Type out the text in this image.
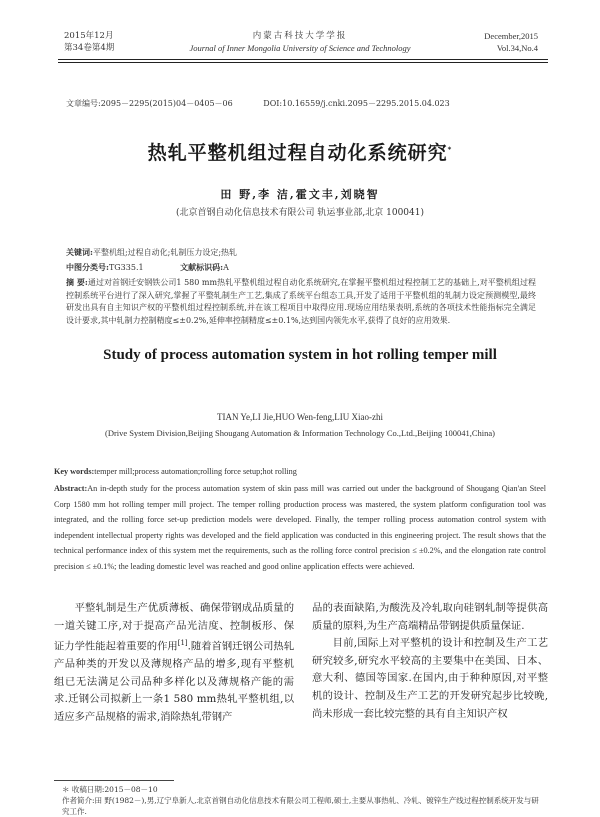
2015年12月
第34卷第4期
内蒙古科技大学学报
Journal of Inner Mongolia University of Science and Technology
December,2015
Vol.34,No.4
文章编号:2095－2295(2015)04－0405－06	DOI:10.16559/j.cnki.2095－2295.2015.04.023
热轧平整机组过程自动化系统研究*
田 野,李 洁,霍文丰,刘晓智
(北京首钢自动化信息技术有限公司 轨运事业部,北京 100041)
关键词:平整机组;过程自动化;轧制压力设定;热轧
中图分类号:TG335.1	文献标识码:A
摘 要:通过对首钢迁安钢铁公司1 580 mm热轧平整机组过程自动化系统研究,在掌握平整机组过程控制工艺的基础上,对平整机组过程控制系统平台进行了深入研究,掌握了平整轧制生产工艺,集成了系统平台组态工具,开发了适用于平整机组的轧制力设定预测模型,最终研发出具有自主知识产权的平整机组过程控制系统,并在该工程项目中取得应用.现场应用结果表明,系统的各项技术性能指标完全满足设计要求,其中轧制力控制精度≤±0.2%,延伸率控制精度≤±0.1%,达到国内领先水平,获得了良好的应用效果.
Study of process automation system in hot rolling temper mill
TIAN Ye,LI Jie,HUO Wen-feng,LIU Xiao-zhi
(Drive System Division,Beijing Shougang Automation & Information Technology Co.,Ltd.,Beijing 100041,China)
Key words:temper mill;process automation;rolling force setup;hot rolling
Abstract:An in-depth study for the process automation system of skin pass mill was carried out under the background of Shougang Qian'an Steel Corp 1580 mm hot rolling temper mill project. The temper rolling production process was mastered, the system platform configuration tool was integrated, and the rolling force set-up prediction models were developed. Finally, the temper rolling process automation control system with independent intellectual property rights was developed and the field application was conducted in this engineering project. The result shows that the technical performance index of this system met the requirements, such as the rolling force control precision ≤ ±0.2%, and the elongation rate control precision ≤ ±0.1%; the leading domestic level was reached and good online application effects were achieved.
平整轧制是生产优质薄板、确保带钢成品质量的一道关键工序,对于提高产品光洁度、控制板形、保证力学性能起着重要的作用[1].随着首钢迁钢公司热轧产品种类的开发以及薄规格产品的增多,现有平整机组已无法满足公司品种多样化以及薄规格产能的需求.迁钢公司拟新上一条1 580 mm热轧平整机组,以适应多产品规格的需求,消除热轧带钢产

品的表面缺陷,为酸洗及冷轧取向硅钢轧制等提供高质量的原料,为生产高端精品带钢提供质量保证.

目前,国际上对平整机的设计和控制及生产工艺研究较多,研究水平较高的主要集中在美国、日本、意大利、德国等国家.在国内,由于种种原因,对平整机的设计、控制及生产工艺的开发研究起步比较晚,尚未形成一套比较完整的具有自主知识产权

＊ 收稿日期:2015－08－10
作者简介:田 野(1982－),男,辽宁阜新人,北京首钢自动化信息技术有限公司工程师,硕士,主要从事热轧、冷轧、镀锌生产线过程控制系统开发与研究工作.
